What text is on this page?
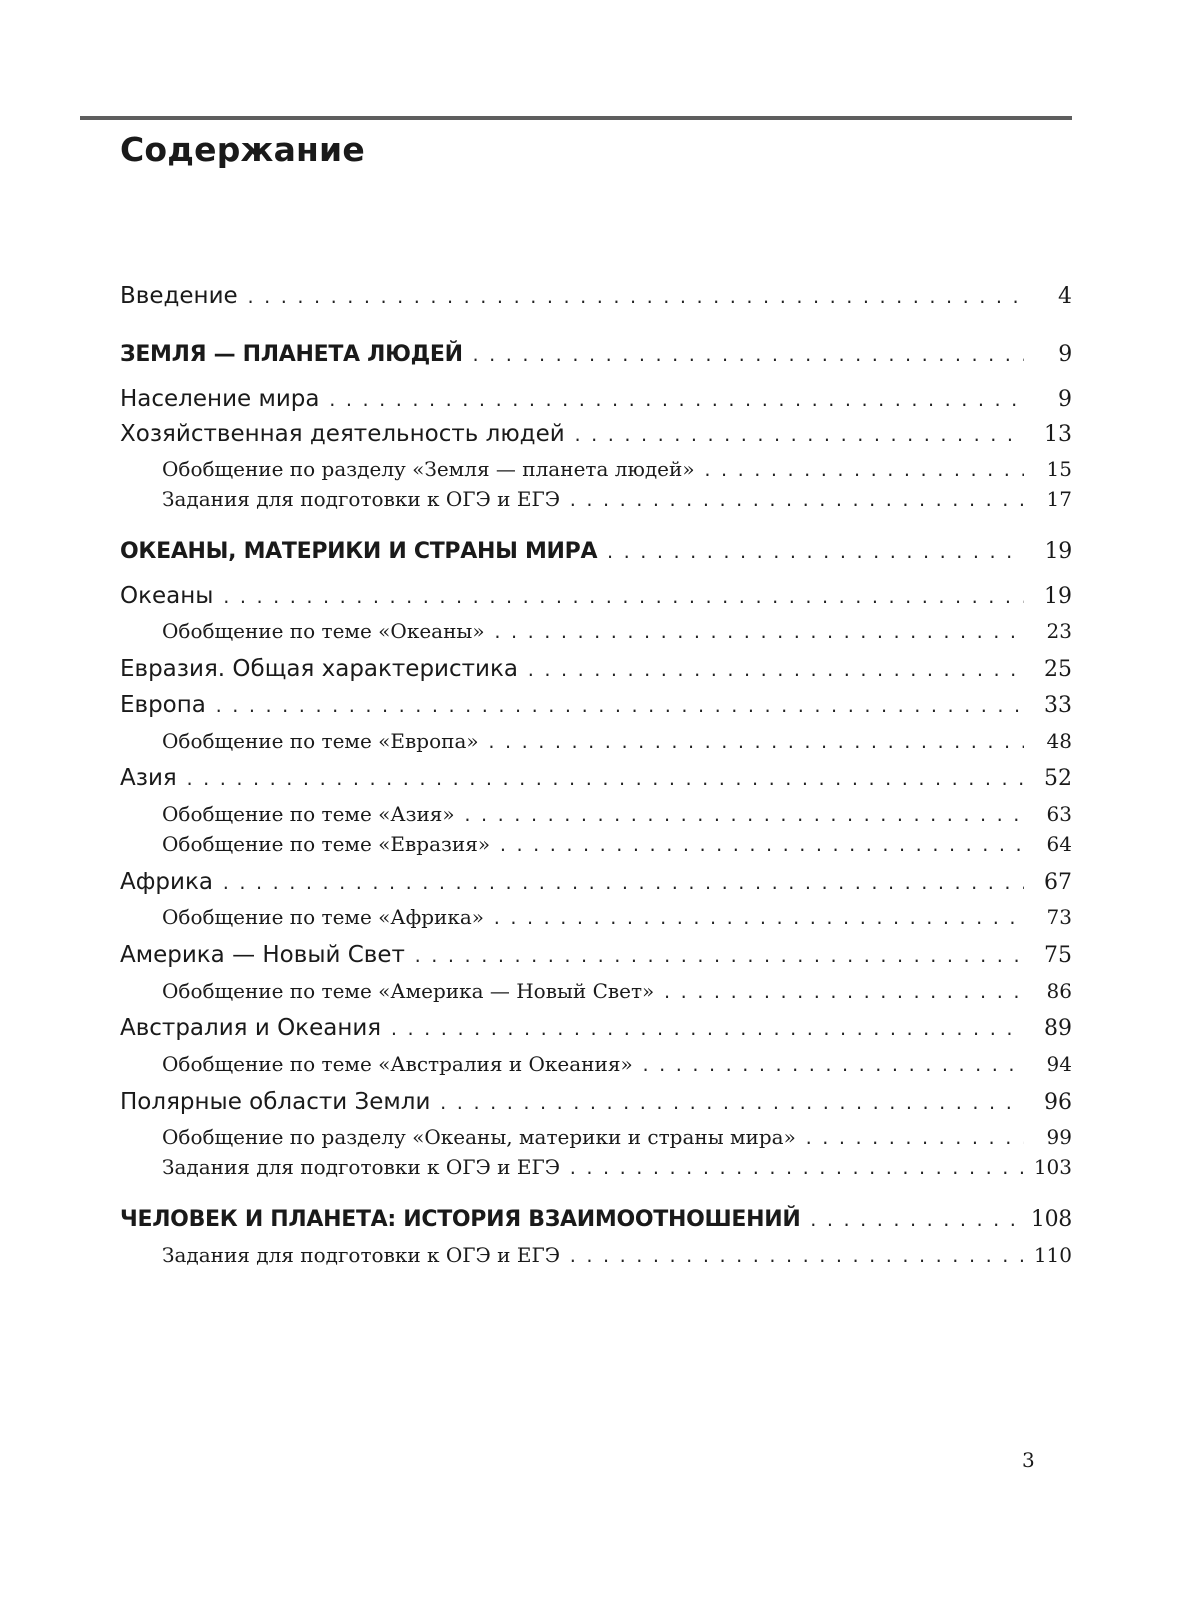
Содержание
Введение .....	4
ЗЕМЛЯ — ПЛАНЕТА ЛЮДЕЙ .....	9
Население мира .....	9
Хозяйственная деятельность людей .....	13
Обобщение по разделу «Земля — планета людей» .....	15
Задания для подготовки к ОГЭ и ЕГЭ .....	17
ОКЕАНЫ, МАТЕРИКИ И СТРАНЫ МИРА .....	19
Океаны .....	19
Обобщение по теме «Океаны» .....	23
Евразия. Общая характеристика .....	25
Европа .....	33
Обобщение по теме «Европа» .....	48
Азия .....	52
Обобщение по теме «Азия» .....	63
Обобщение по теме «Евразия» .....	64
Африка .....	67
Обобщение по теме «Африка» .....	73
Америка — Новый Свет .....	75
Обобщение по теме «Америка — Новый Свет» .....	86
Австралия и Океания .....	89
Обобщение по теме «Австралия и Океания» .....	94
Полярные области Земли .....	96
Обобщение по разделу «Океаны, материки и страны мира» .....	99
Задания для подготовки к ОГЭ и ЕГЭ .....	103
ЧЕЛОВЕК И ПЛАНЕТА: ИСТОРИЯ ВЗАИМООТНОШЕНИЙ .....	108
Задания для подготовки к ОГЭ и ЕГЭ .....	110
3
